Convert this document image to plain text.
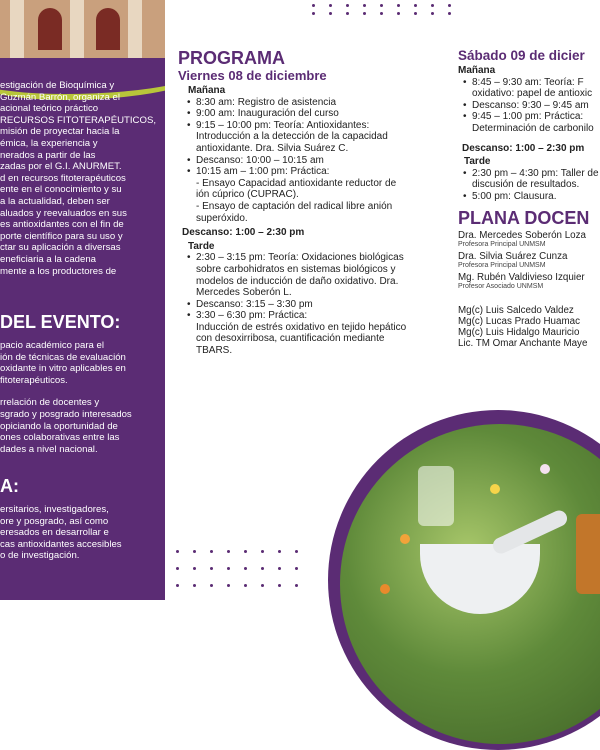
estigación de Bioquímica y

Guzmán Barrón, organiza el

acional teórico práctico

RECURSOS FITOTERAPÉUTICOS,

misión de proyectar hacia la

émica, la experiencia y

nerados a partir de las

zadas por el G.I. ANURMET.

d en recursos fitoterapéuticos

ente en el conocimiento y su

a la actualidad, deben ser

aluados y reevaluados en sus

es antioxidantes con el fin de

porte científico para su uso y

ctar su aplicación a diversas

eneficiaria a la cadena

mente a los productores de

DEL EVENTO:

pacio académico para el

ión de técnicas de evaluación

oxidante in vitro aplicables en

fitoterapéuticos.

rrelación de docentes y

sgrado y posgrado interesados

opiciando la oportunidad de

ones colaborativas entre las

dades a nivel nacional.

A:

ersitarios, investigadores,

ore y posgrado, así como

eresados en desarrollar e

cas antioxidantes accesibles

o de investigación.

PROGRAMA
Viernes 08 de diciembre
Mañana
• 8:30 am: Registro de asistencia
• 9:00 am: Inauguración del curso
• 9:15 – 10:00 pm: Teoría: Antioxidantes:
Introducción a la detección de la capacidad
antioxidante. Dra. Silvia Suárez C.
• Descanso: 10:00 – 10:15 am
• 10:15 am – 1:00 pm: Práctica:
- Ensayo Capacidad antioxidante reductor de
ión cúprico (CUPRAC).
- Ensayo de captación del radical libre anión
superóxido.
Descanso: 1:00 – 2:30 pm
Tarde
• 2:30 – 3:15 pm: Teoría: Oxidaciones biológicas
sobre carbohidratos en sistemas biológicos y
modelos de inducción de daño oxidativo. Dra.
Mercedes Soberón L.
• Descanso: 3:15 – 3:30 pm
• 3:30 – 6:30 pm: Práctica:
Inducción de estrés oxidativo en tejido hepático
con desoxirribosa, cuantificación mediante
TBARS.
Sábado 09 de dicier
Mañana
• 8:45 – 9:30 am: Teoría: F
oxidativo: papel de antioxic
• Descanso: 9:30 – 9:45 am
• 9:45 – 1:00 pm: Práctica:
Determinación de carbonilo
Descanso: 1:00 – 2:30 pm
Tarde
• 2:30 pm – 4:30 pm: Taller de
discusión de resultados.
• 5:00 pm: Clausura.
PLANA DOCEN
Dra. Mercedes Soberón Loza
Profesora Principal UNMSM
Dra. Silvia Suárez Cunza
Profesora Principal UNMSM
Mg. Rubén Valdivieso Izquier
Profesor Asociado UNMSM
Mg(c) Luis Salcedo Valdez
Mg(c) Lucas Prado Huamac
Mg(c) Luis Hidalgo Mauricio
Lic. TM Omar Anchante Maye
